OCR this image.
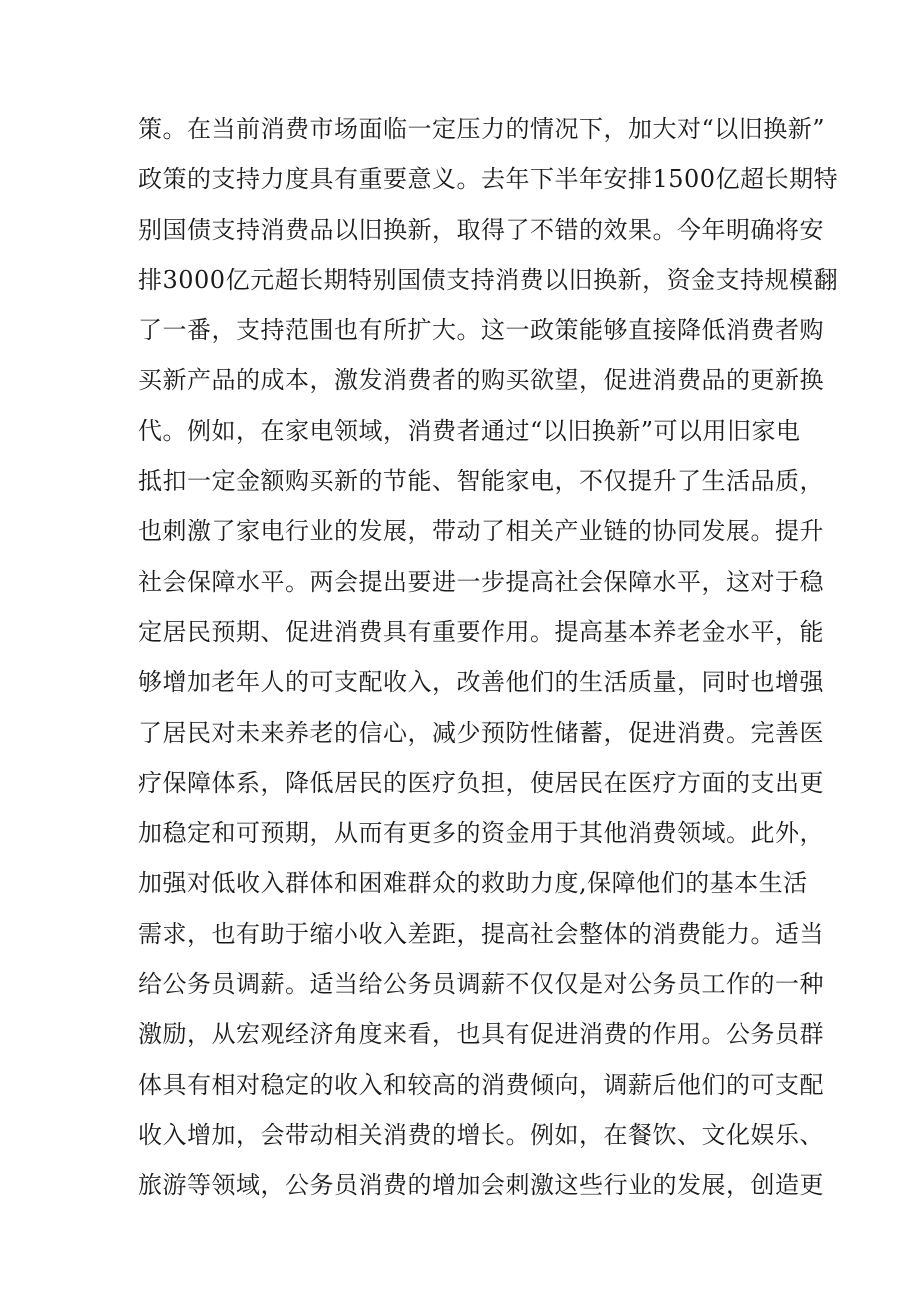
策。在当前消费市场面临一定压力的情况下，加大对“以旧换新”
政策的支持力度具有重要意义。去年下半年安排1500亿超长期特
别国债支持消费品以旧换新，取得了不错的效果。今年明确将安
排3000亿元超长期特别国债支持消费以旧换新，资金支持规模翻
了一番，支持范围也有所扩大。这一政策能够直接降低消费者购
买新产品的成本，激发消费者的购买欲望，促进消费品的更新换
代。例如，在家电领域，消费者通过“以旧换新”可以用旧家电
抵扣一定金额购买新的节能、智能家电，不仅提升了生活品质，
也刺激了家电行业的发展，带动了相关产业链的协同发展。提升
社会保障水平。两会提出要进一步提高社会保障水平，这对于稳
定居民预期、促进消费具有重要作用。提高基本养老金水平，能
够增加老年人的可支配收入，改善他们的生活质量，同时也增强
了居民对未来养老的信心，减少预防性储蓄，促进消费。完善医
疗保障体系，降低居民的医疗负担，使居民在医疗方面的支出更
加稳定和可预期，从而有更多的资金用于其他消费领域。此外，
加强对低收入群体和困难群众的救助力度,保障他们的基本生活
需求，也有助于缩小收入差距，提高社会整体的消费能力。适当
给公务员调薪。适当给公务员调薪不仅仅是对公务员工作的一种
激励，从宏观经济角度来看，也具有促进消费的作用。公务员群
体具有相对稳定的收入和较高的消费倾向，调薪后他们的可支配
收入增加，会带动相关消费的增长。例如，在餐饮、文化娱乐、
旅游等领域，公务员消费的增加会刺激这些行业的发展，创造更
